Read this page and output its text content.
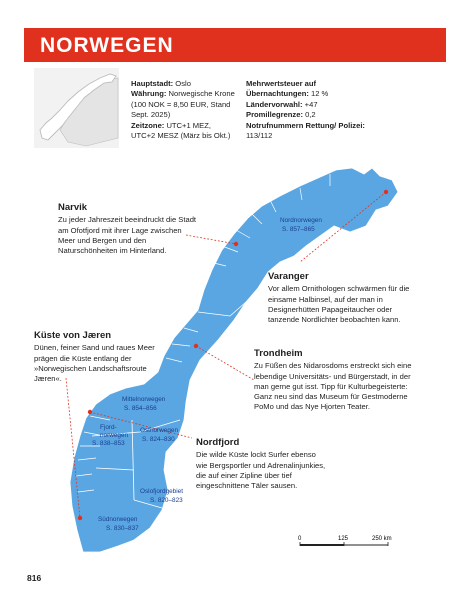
NORWEGEN
Hauptstadt: Oslo
Währung: Norwegische Krone (100 NOK = 8,50 EUR, Stand Sept. 2025)
Zeitzone: UTC+1 MEZ, UTC+2 MESZ (März bis Okt.)
Mehrwertsteuer auf Übernachtungen: 12 %
Ländervorwahl: +47
Promillegrenze: 0,2
Notrufnummern Rettung/ Polizei: 113/112
Nordnorwegen
S. 857–865
Mittelnorwegen
S. 854–856
Fjord-
norwegen
S. 838–853
Ostnorwegen
S. 824–830
Oslofjordgebiet
S. 820–823
Südnorwegen
S. 830–837
Narvik
Zu jeder Jahreszeit beeindruckt die Stadt am Ofotfjord mit ihrer Lage zwischen Meer und Bergen und den Naturschönheiten im Hinterland.
Varanger
Vor allem Ornithologen schwärmen für die einsame Halbinsel, auf der man in Designerhütten Papageitaucher oder tanzende Nordlichter beobachten kann.
Küste von Jæren
Dünen, feiner Sand und raues Meer prägen die Küste entlang der »Norwegischen Landschaftsroute Jæren«.
Trondheim
Zu Füßen des Nidarosdoms erstreckt sich eine lebendige Universitäts- und Bürgerstadt, in der man gerne gut isst. Tipp für Kulturbegeisterte: Ganz neu sind das Museum für Gestmoderne PoMo und das Nye Hjorten Teater.
Nordfjord
Die wilde Küste lockt Surfer ebenso wie Bergsportler und Adrenalinjunkies, die auf einer Zipline über tief eingeschnittene Täler sausen.
0	125	250 km
816
